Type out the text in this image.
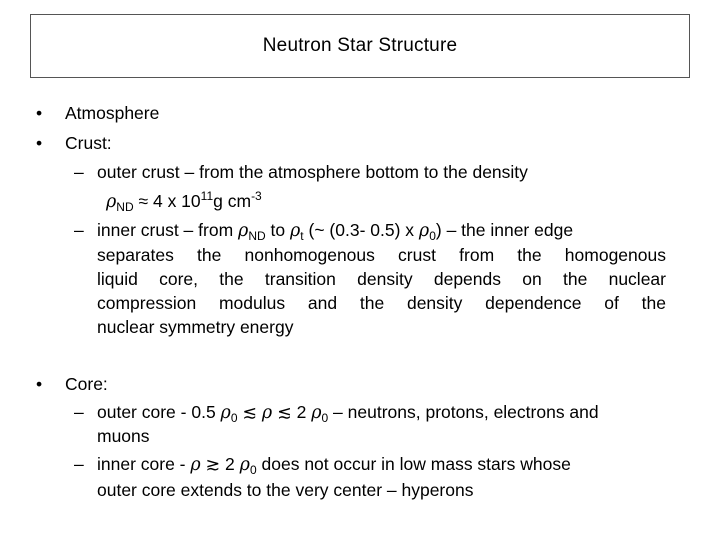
Neutron Star Structure
• Atmosphere
• Crust:
– outer crust – from the atmosphere bottom to the density
$\rho_{ND} \approx 4$ x $10^{11}g$ $cm^{-3}$
– inner crust – from $\rho_{ND}$ to $\rho_t$ (~ (0.3- 0.5) x $\rho_0$) – the inner edge
separates the nonhomogenous crust from the homogenous
liquid core, the transition density depends on the nuclear
compression modulus and the density dependence of the
nuclear symmetry energy
• Core:
– outer core - 0.5 $\rho_0$ ≲ ρ ≲ 2 $\rho_0$ – neutrons, protons, electrons and
muons
– inner core - ρ ≳ 2 $\rho_0$ does not occur in low mass stars whose
outer core extends to the very center – hyperons
